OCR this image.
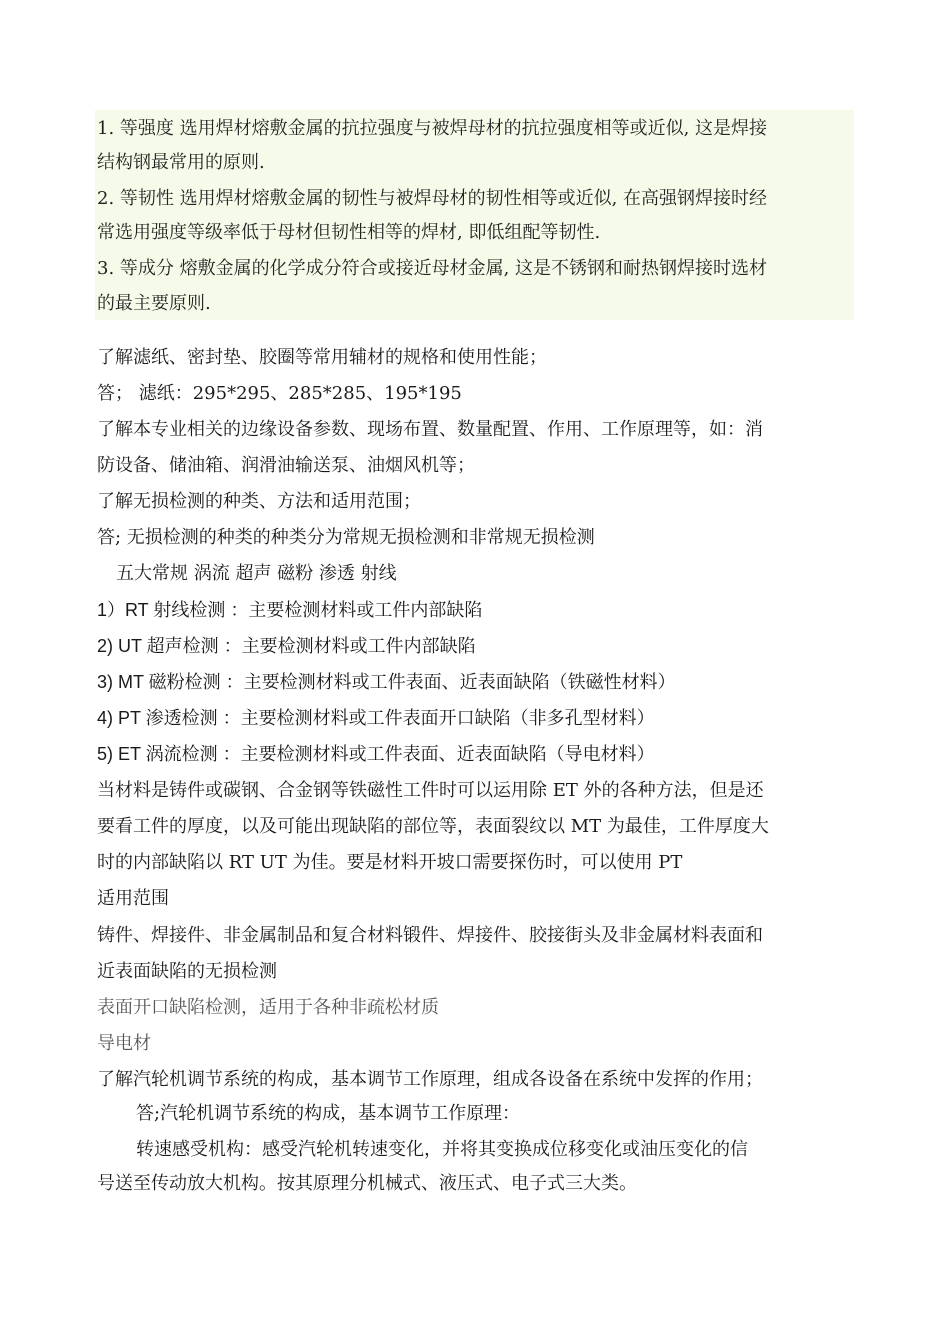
1. 等强度 选用焊材熔敷金属的抗拉强度与被焊母材的抗拉强度相等或近似, 这是焊接
结构钢最常用的原则.
2. 等韧性 选用焊材熔敷金属的韧性与被焊母材的韧性相等或近似, 在高强钢焊接时经
常选用强度等级率低于母材但韧性相等的焊材, 即低组配等韧性.
3. 等成分 熔敷金属的化学成分符合或接近母材金属, 这是不锈钢和耐热钢焊接时选材
的最主要原则.
了解滤纸、密封垫、胶圈等常用辅材的规格和使用性能；
答； 滤纸：295*295、285*285、195*195
了解本专业相关的边缘设备参数、现场布置、数量配置、作用、工作原理等，如：消
防设备、储油箱、润滑油输送泵、油烟风机等；
了解无损检测的种类、方法和适用范围；
答; 无损检测的种类的种类分为常规无损检测和非常规无损检测
五大常规 涡流 超声 磁粉 渗透 射线
1）RT 射线检测 ：主要检测材料或工件内部缺陷
2) UT 超声检测 ：主要检测材料或工件内部缺陷
3) MT 磁粉检测 ：主要检测材料或工件表面、近表面缺陷（铁磁性材料）
4) PT 渗透检测 ：主要检测材料或工件表面开口缺陷（非多孔型材料）
5) ET 涡流检测 ：主要检测材料或工件表面、近表面缺陷（导电材料）
当材料是铸件或碳钢、合金钢等铁磁性工件时可以运用除 ET 外的各种方法，但是还
要看工件的厚度，以及可能出现缺陷的部位等，表面裂纹以 MT 为最佳，工件厚度大
时的内部缺陷以 RT UT 为佳。要是材料开坡口需要探伤时，可以使用 PT
适用范围
铸件、焊接件、非金属制品和复合材料锻件、焊接件、胶接街头及非金属材料表面和
近表面缺陷的无损检测
表面开口缺陷检测，适用于各种非疏松材质
导电材
了解汽轮机调节系统的构成，基本调节工作原理，组成各设备在系统中发挥的作用；
答;汽轮机调节系统的构成，基本调节工作原理：
转速感受机构：感受汽轮机转速变化，并将其变换成位移变化或油压变化的信
号送至传动放大机构。按其原理分机械式、液压式、电子式三大类。
